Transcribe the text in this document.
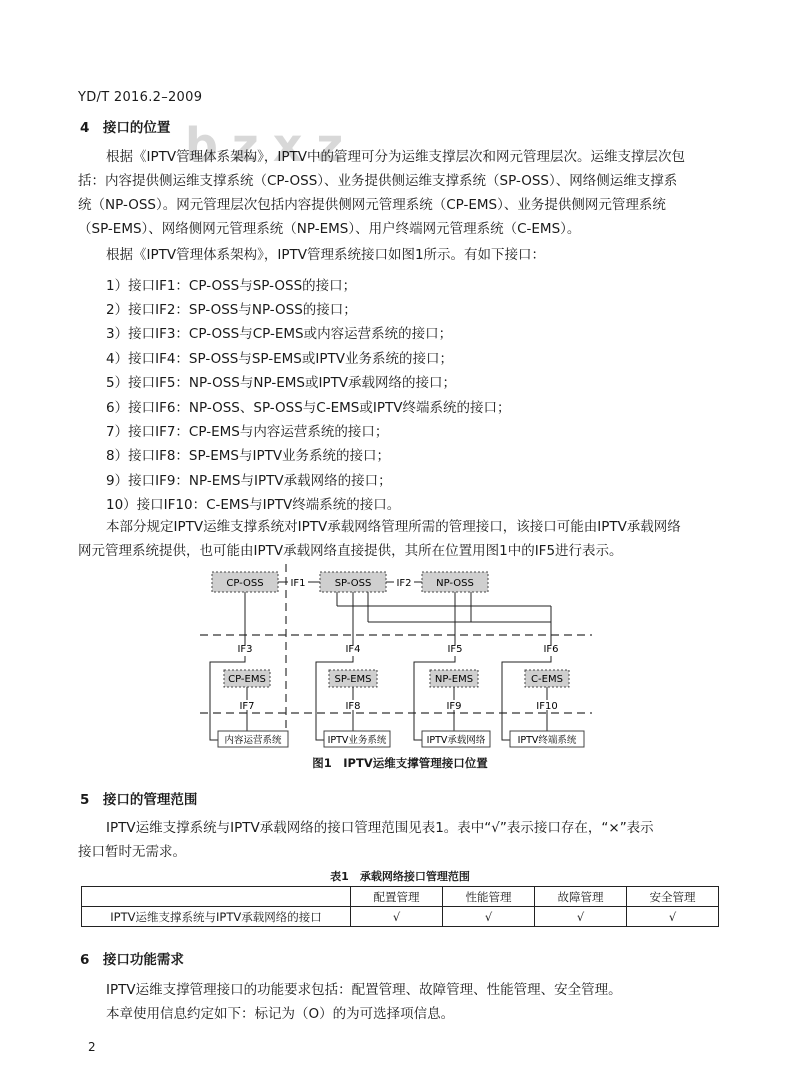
bzxz
YD/T 2016.2–2009
4　接口的位置
根据《IPTV管理体系架构》，IPTV中的管理可分为运维支撑层次和网元管理层次。运维支撑层次包
括：内容提供侧运维支撑系统（CP-OSS）、业务提供侧运维支撑系统（SP-OSS）、网络侧运维支撑系
统（NP-OSS）。网元管理层次包括内容提供侧网元管理系统（CP-EMS）、业务提供侧网元管理系统
（SP-EMS）、网络侧网元管理系统（NP-EMS）、用户终端网元管理系统（C-EMS）。
根据《IPTV管理体系架构》，IPTV管理系统接口如图1所示。有如下接口：
1）接口IF1：CP-OSS与SP-OSS的接口；
2）接口IF2：SP-OSS与NP-OSS的接口；
3）接口IF3：CP-OSS与CP-EMS或内容运营系统的接口；
4）接口IF4：SP-OSS与SP-EMS或IPTV业务系统的接口；
5）接口IF5：NP-OSS与NP-EMS或IPTV承载网络的接口；
6）接口IF6：NP-OSS、SP-OSS与C-EMS或IPTV终端系统的接口；
7）接口IF7：CP-EMS与内容运营系统的接口；
8）接口IF8：SP-EMS与IPTV业务系统的接口；
9）接口IF9：NP-EMS与IPTV承载网络的接口；
10）接口IF10：C-EMS与IPTV终端系统的接口。
本部分规定IPTV运维支撑系统对IPTV承载网络管理所需的管理接口，该接口可能由IPTV承载网络
网元管理系统提供，也可能由IPTV承载网络直接提供，其所在位置用图1中的IF5进行表示。
CP-OSS	SP-OSS	NP-OSS
IF1	IF2
IF3	IF4	IF5	IF6
CP-EMS	SP-EMS	NP-EMS	C-EMS
IF7	IF8	IF9	IF10
内容运营系统	IPTV业务系统	IPTV承载网络	IPTV终端系统
图1　IPTV运维支撑管理接口位置
5　接口的管理范围
IPTV运维支撑系统与IPTV承载网络的接口管理范围见表1。表中“√”表示接口存在，“×”表示
接口暂时无需求。
表1　承载网络接口管理范围
	配置管理	性能管理	故障管理	安全管理
IPTV运维支撑系统与IPTV承载网络的接口	√	√	√	√
6　接口功能需求
IPTV运维支撑管理接口的功能要求包括：配置管理、故障管理、性能管理、安全管理。
本章使用信息约定如下：标记为（O）的为可选择项信息。
2
